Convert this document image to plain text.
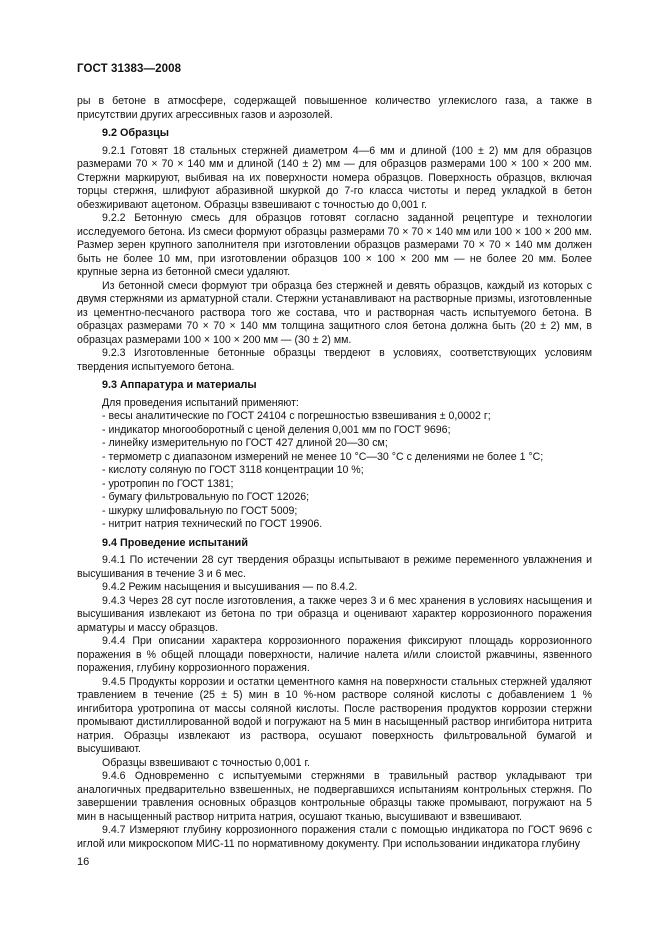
ГОСТ 31383—2008

ры в бетоне в атмосфере, содержащей повышенное количество углекислого газа, а также в присутствии других агрессивных газов и аэрозолей.

9.2 Образцы

9.2.1 Готовят 18 стальных стержней диаметром 4—6 мм и длиной (100 ± 2) мм для образцов размерами 70 × 70 × 140 мм и длиной (140 ± 2) мм — для образцов размерами 100 × 100 × 200 мм. Стержни маркируют, выбивая на их поверхности номера образцов. Поверхность образцов, включая торцы стержня, шлифуют абразивной шкуркой до 7-го класса чистоты и перед укладкой в бетон обезжиривают ацетоном. Образцы взвешивают с точностью до 0,001 г.

9.2.2 Бетонную смесь для образцов готовят согласно заданной рецептуре и технологии исследуемого бетона. Из смеси формуют образцы размерами 70 × 70 × 140 мм или 100 × 100 × 200 мм. Размер зерен крупного заполнителя при изготовлении образцов размерами 70 × 70 × 140 мм должен быть не более 10 мм, при изготовлении образцов 100 × 100 × 200 мм — не более 20 мм. Более крупные зерна из бетонной смеси удаляют.

Из бетонной смеси формуют три образца без стержней и девять образцов, каждый из которых с двумя стержнями из арматурной стали. Стержни устанавливают на растворные призмы, изготовленные из цементно-песчаного раствора того же состава, что и растворная часть испытуемого бетона. В образцах размерами 70 × 70 × 140 мм толщина защитного слоя бетона должна быть (20 ± 2) мм, в образцах размерами 100 × 100 × 200 мм — (30 ± 2) мм.

9.2.3 Изготовленные бетонные образцы твердеют в условиях, соответствующих условиям твердения испытуемого бетона.

9.3 Аппаратура и материалы

Для проведения испытаний применяют:

- весы аналитические по ГОСТ 24104 с погрешностью взвешивания ± 0,0002 г;
- индикатор многооборотный с ценой деления 0,001 мм по ГОСТ 9696;
- линейку измерительную по ГОСТ 427 длиной 20—30 см;
- термометр с диапазоном измерений не менее 10 °С—30 °С с делениями не более 1 °С;
- кислоту соляную по ГОСТ 3118 концентрации 10 %;
- уротропин по ГОСТ 1381;
- бумагу фильтровальную по ГОСТ 12026;
- шкурку шлифовальную по ГОСТ 5009;
- нитрит натрия технический по ГОСТ 19906.
9.4 Проведение испытаний

9.4.1 По истечении 28 сут твердения образцы испытывают в режиме переменного увлажнения и высушивания в течение 3 и 6 мес.

9.4.2 Режим насыщения и высушивания — по 8.4.2.

9.4.3 Через 28 сут после изготовления, а также через 3 и 6 мес хранения в условиях насыщения и высушивания извлекают из бетона по три образца и оценивают характер коррозионного поражения арматуры и массу образцов.

9.4.4 При описании характера коррозионного поражения фиксируют площадь коррозионного поражения в % общей площади поверхности, наличие налета и/или слоистой ржавчины, язвенного поражения, глубину коррозионного поражения.

9.4.5 Продукты коррозии и остатки цементного камня на поверхности стальных стержней удаляют травлением в течение (25 ± 5) мин в 10 %-ном растворе соляной кислоты с добавлением 1 % ингибитора уротропина от массы соляной кислоты. После растворения продуктов коррозии стержни промывают дистиллированной водой и погружают на 5 мин в насыщенный раствор ингибитора нитрита натрия. Образцы извлекают из раствора, осушают поверхность фильтровальной бумагой и высушивают.

Образцы взвешивают с точностью 0,001 г.

9.4.6 Одновременно с испытуемыми стержнями в травильный раствор укладывают три аналогичных предварительно взвешенных, не подвергавшихся испытаниям контрольных стержня. По завершении травления основных образцов контрольные образцы также промывают, погружают на 5 мин в насыщенный раствор нитрита натрия, осушают тканью, высушивают и взвешивают.

9.4.7 Измеряют глубину коррозионного поражения стали с помощью индикатора по ГОСТ 9696 с иглой или микроскопом МИС-11 по нормативному документу. При использовании индикатора глубину

16
